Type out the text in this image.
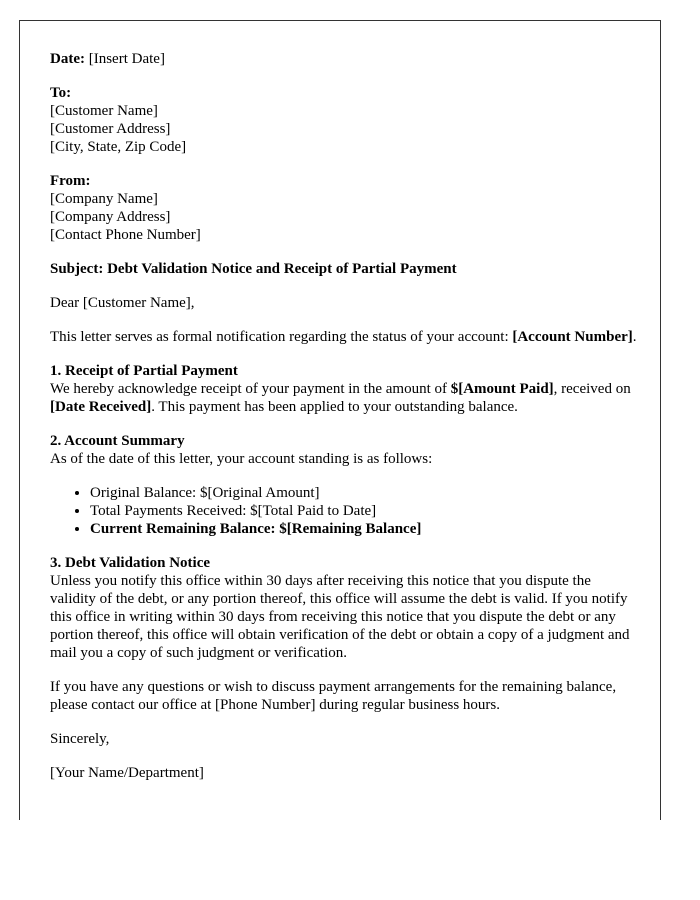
Date: [Insert Date]

To:
[Customer Name]
[Customer Address]
[City, State, Zip Code]

From:
[Company Name]
[Company Address]
[Contact Phone Number]

Subject: Debt Validation Notice and Receipt of Partial Payment

Dear [Customer Name],

This letter serves as formal notification regarding the status of your account: [Account Number].

1. Receipt of Partial Payment
We hereby acknowledge receipt of your payment in the amount of $[Amount Paid], received on [Date Received]. This payment has been applied to your outstanding balance.

2. Account Summary
As of the date of this letter, your account standing is as follows:

• Original Balance: $[Original Amount]
• Total Payments Received: $[Total Paid to Date]
• Current Remaining Balance: $[Remaining Balance]

3. Debt Validation Notice
Unless you notify this office within 30 days after receiving this notice that you dispute the validity of the debt, or any portion thereof, this office will assume the debt is valid. If you notify this office in writing within 30 days from receiving this notice that you dispute the debt or any portion thereof, this office will obtain verification of the debt or obtain a copy of a judgment and mail you a copy of such judgment or verification.

If you have any questions or wish to discuss payment arrangements for the remaining balance, please contact our office at [Phone Number] during regular business hours.

Sincerely,

[Your Name/Department]
